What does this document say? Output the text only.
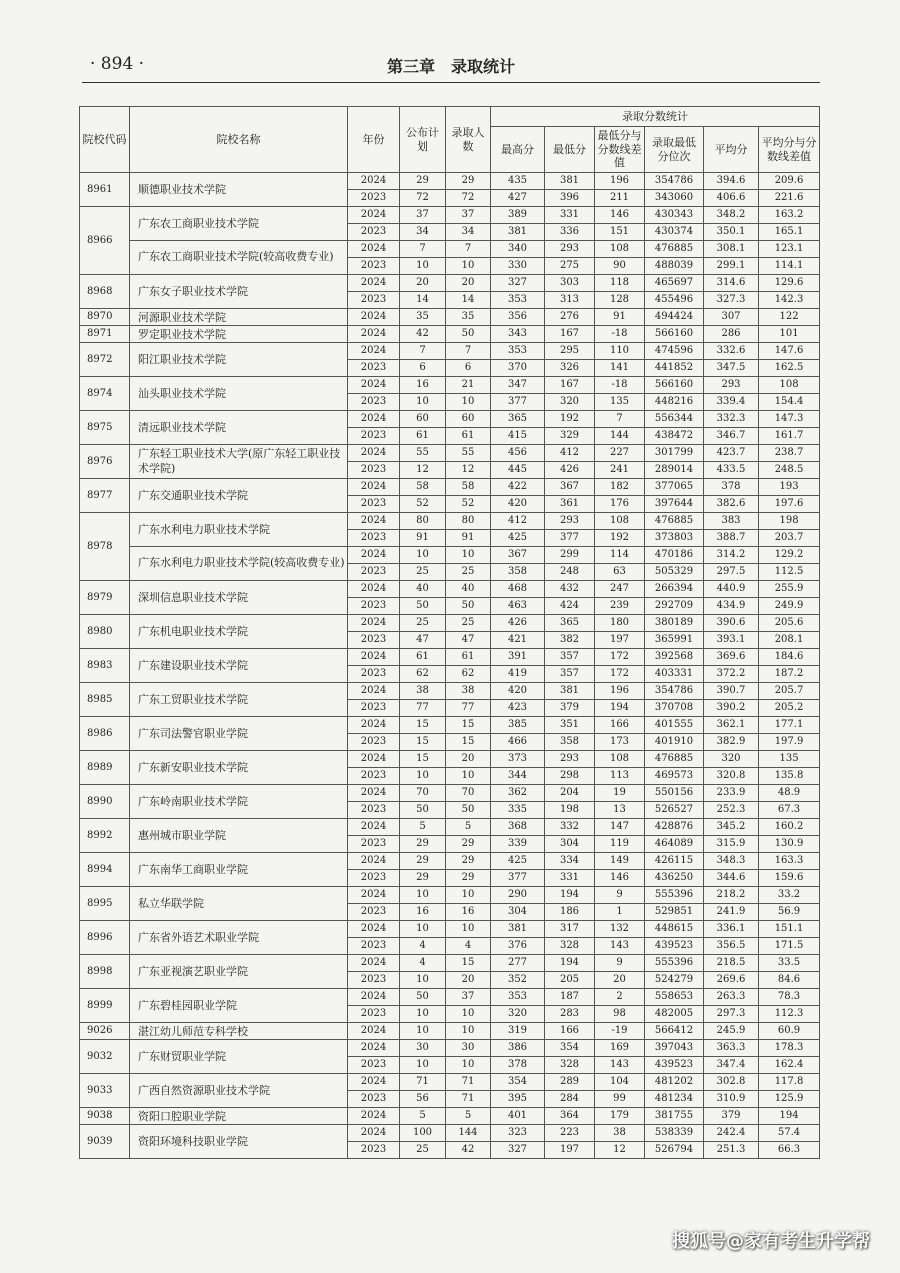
· 894 ·	第三章　录取统计
院校代码	院校名称	年份	公布计划	录取人数	录取分数统计					
					最高分	最低分	最低分与分数线差值	录取最低分位次	平均分	平均分与分数线差值
8961	顺德职业技术学院	2024	29	29	435	381	196	354786	394.6	209.6
		2023	72	72	427	396	211	343060	406.6	221.6
8966	广东农工商职业技术学院	2024	37	37	389	331	146	430343	348.2	163.2
		2023	34	34	381	336	151	430374	350.1	165.1
	广东农工商职业技术学院(较高收费专业)	2024	7	7	340	293	108	476885	308.1	123.1
		2023	10	10	330	275	90	488039	299.1	114.1
8968	广东女子职业技术学院	2024	20	20	327	303	118	465697	314.6	129.6
		2023	14	14	353	313	128	455496	327.3	142.3
8970	河源职业技术学院	2024	35	35	356	276	91	494424	307	122
8971	罗定职业技术学院	2024	42	50	343	167	-18	566160	286	101
8972	阳江职业技术学院	2024	7	7	353	295	110	474596	332.6	147.6
		2023	6	6	370	326	141	441852	347.5	162.5
8974	汕头职业技术学院	2024	16	21	347	167	-18	566160	293	108
		2023	10	10	377	320	135	448216	339.4	154.4
8975	清远职业技术学院	2024	60	60	365	192	7	556344	332.3	147.3
		2023	61	61	415	329	144	438472	346.7	161.7
8976	广东轻工职业技术大学(原广东轻工职业技术学院)	2024	55	55	456	412	227	301799	423.7	238.7
		2023	12	12	445	426	241	289014	433.5	248.5
8977	广东交通职业技术学院	2024	58	58	422	367	182	377065	378	193
		2023	52	52	420	361	176	397644	382.6	197.6
8978	广东水利电力职业技术学院	2024	80	80	412	293	108	476885	383	198
		2023	91	91	425	377	192	373803	388.7	203.7
	广东水利电力职业技术学院(较高收费专业)	2024	10	10	367	299	114	470186	314.2	129.2
		2023	25	25	358	248	63	505329	297.5	112.5
8979	深圳信息职业技术学院	2024	40	40	468	432	247	266394	440.9	255.9
		2023	50	50	463	424	239	292709	434.9	249.9
8980	广东机电职业技术学院	2024	25	25	426	365	180	380189	390.6	205.6
		2023	47	47	421	382	197	365991	393.1	208.1
8983	广东建设职业技术学院	2024	61	61	391	357	172	392568	369.6	184.6
		2023	62	62	419	357	172	403331	372.2	187.2
8985	广东工贸职业技术学院	2024	38	38	420	381	196	354786	390.7	205.7
		2023	77	77	423	379	194	370708	390.2	205.2
8986	广东司法警官职业学院	2024	15	15	385	351	166	401555	362.1	177.1
		2023	15	15	466	358	173	401910	382.9	197.9
8989	广东新安职业技术学院	2024	15	20	373	293	108	476885	320	135
		2023	10	10	344	298	113	469573	320.8	135.8
8990	广东岭南职业技术学院	2024	70	70	362	204	19	550156	233.9	48.9
		2023	50	50	335	198	13	526527	252.3	67.3
8992	惠州城市职业学院	2024	5	5	368	332	147	428876	345.2	160.2
		2023	29	29	339	304	119	464089	315.9	130.9
8994	广东南华工商职业学院	2024	29	29	425	334	149	426115	348.3	163.3
		2023	29	29	377	331	146	436250	344.6	159.6
8995	私立华联学院	2024	10	10	290	194	9	555396	218.2	33.2
		2023	16	16	304	186	1	529851	241.9	56.9
8996	广东省外语艺术职业学院	2024	10	10	381	317	132	448615	336.1	151.1
		2023	4	4	376	328	143	439523	356.5	171.5
8998	广东亚视演艺职业学院	2024	4	15	277	194	9	555396	218.5	33.5
		2023	10	20	352	205	20	524279	269.6	84.6
8999	广东碧桂园职业学院	2024	50	37	353	187	2	558653	263.3	78.3
		2023	10	10	320	283	98	482005	297.3	112.3
9026	湛江幼儿师范专科学校	2024	10	10	319	166	-19	566412	245.9	60.9
9032	广东财贸职业学院	2024	30	30	386	354	169	397043	363.3	178.3
		2023	10	10	378	328	143	439523	347.4	162.4
9033	广西自然资源职业技术学院	2024	71	71	354	289	104	481202	302.8	117.8
		2023	56	71	395	284	99	481234	310.9	125.9
9038	资阳口腔职业学院	2024	5	5	401	364	179	381755	379	194
9039	资阳环境科技职业学院	2024	100	144	323	223	38	538339	242.4	57.4
		2023	25	42	327	197	12	526794	251.3	66.3
搜狐号@家有考生升学帮
